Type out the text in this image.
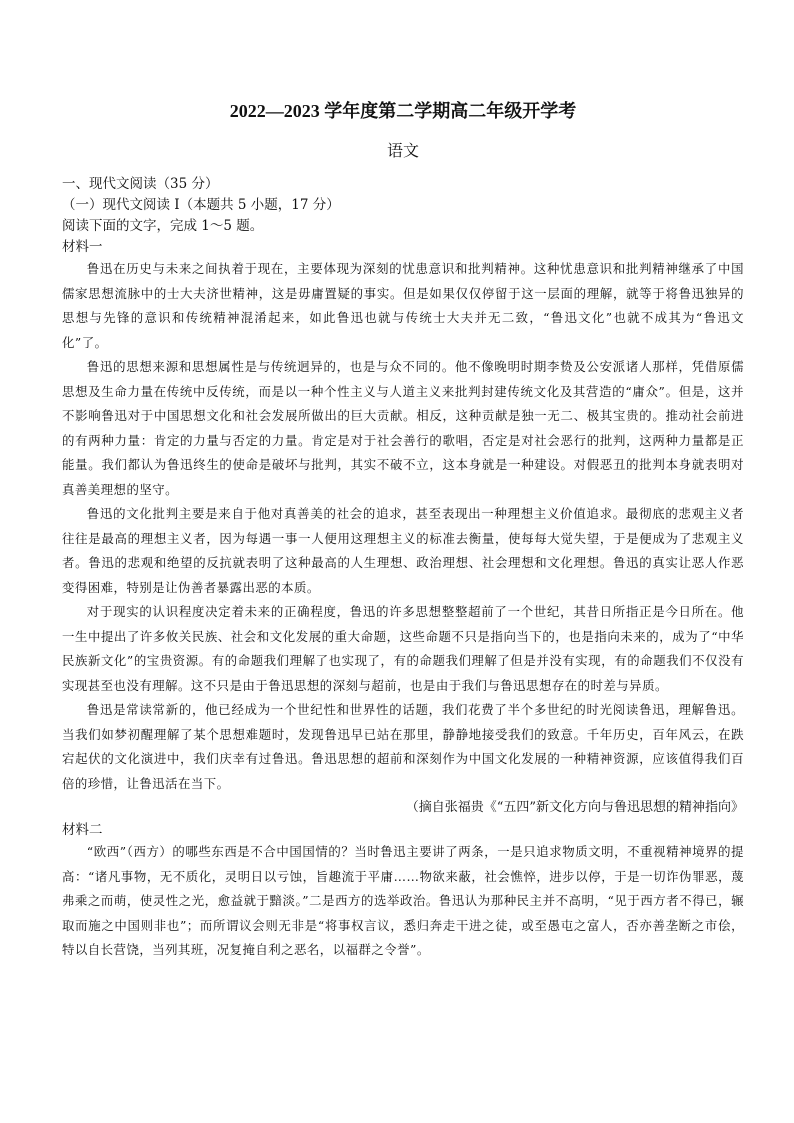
2022—2023 学年度第二学期高二年级开学考
语文

一、现代文阅读（35 分）

（一）现代文阅读 I（本题共 5 小题，17 分）

阅读下面的文字，完成 1～5 题。

材料一

鲁迅在历史与未来之间执着于现在，主要体现为深刻的忧患意识和批判精神。这种忧患意识和批判精神继承了中国儒家思想流脉中的士大夫济世精神，这是毋庸置疑的事实。但是如果仅仅停留于这一层面的理解，就等于将鲁迅独异的思想与先锋的意识和传统精神混淆起来，如此鲁迅也就与传统士大夫并无二致，“鲁迅文化”也就不成其为“鲁迅文化”了。

鲁迅的思想来源和思想属性是与传统迥异的，也是与众不同的。他不像晚明时期李贽及公安派诸人那样，凭借原儒思想及生命力量在传统中反传统，而是以一种个性主义与人道主义来批判封建传统文化及其营造的“庸众”。但是，这并不影响鲁迅对于中国思想文化和社会发展所做出的巨大贡献。相反，这种贡献是独一无二、极其宝贵的。推动社会前进的有两种力量：肯定的力量与否定的力量。肯定是对于社会善行的歌唱，否定是对社会恶行的批判，这两种力量都是正能量。我们都认为鲁迅终生的使命是破坏与批判，其实不破不立，这本身就是一种建设。对假恶丑的批判本身就表明对真善美理想的坚守。

鲁迅的文化批判主要是来自于他对真善美的社会的追求，甚至表现出一种理想主义价值追求。最彻底的悲观主义者往往是最高的理想主义者，因为每遇一事一人便用这理想主义的标准去衡量，使每每大觉失望，于是便成为了悲观主义者。鲁迅的悲观和绝望的反抗就表明了这种最高的人生理想、政治理想、社会理想和文化理想。鲁迅的真实让恶人作恶变得困难，特别是让伪善者暴露出恶的本质。

对于现实的认识程度决定着未来的正确程度，鲁迅的许多思想整整超前了一个世纪，其昔日所指正是今日所在。他一生中提出了许多攸关民族、社会和文化发展的重大命题，这些命题不只是指向当下的，也是指向未来的，成为了“中华民族新文化”的宝贵资源。有的命题我们理解了也实现了，有的命题我们理解了但是并没有实现，有的命题我们不仅没有实现甚至也没有理解。这不只是由于鲁迅思想的深刻与超前，也是由于我们与鲁迅思想存在的时差与异质。

鲁迅是常读常新的，他已经成为一个世纪性和世界性的话题，我们花费了半个多世纪的时光阅读鲁迅，理解鲁迅。当我们如梦初醒理解了某个思想难题时，发现鲁迅早已站在那里，静静地接受我们的致意。千年历史，百年风云，在跌宕起伏的文化演进中，我们庆幸有过鲁迅。鲁迅思想的超前和深刻作为中国文化发展的一种精神资源，应该值得我们百倍的珍惜，让鲁迅活在当下。

（摘自张福贵《“五四”新文化方向与鲁迅思想的精神指向》

材料二

“欧西”（西方）的哪些东西是不合中国国情的？当时鲁迅主要讲了两条，一是只追求物质文明，不重视精神境界的提高：“诸凡事物，无不质化，灵明日以亏蚀，旨趣流于平庸……物欲来蔽，社会憔悴，进步以停，于是一切诈伪罪恶，蔑弗乘之而萌，使灵性之光，愈益就于黯淡。”二是西方的选举政治。鲁迅认为那种民主并不高明，“见于西方者不得已，辗取而施之中国则非也”；而所谓议会则无非是“将事权言议，悉归奔走干进之徒，或至愚屯之富人，否亦善垄断之市侩，特以自长营饶，当列其班，况复掩自利之恶名，以福群之令誉”。
